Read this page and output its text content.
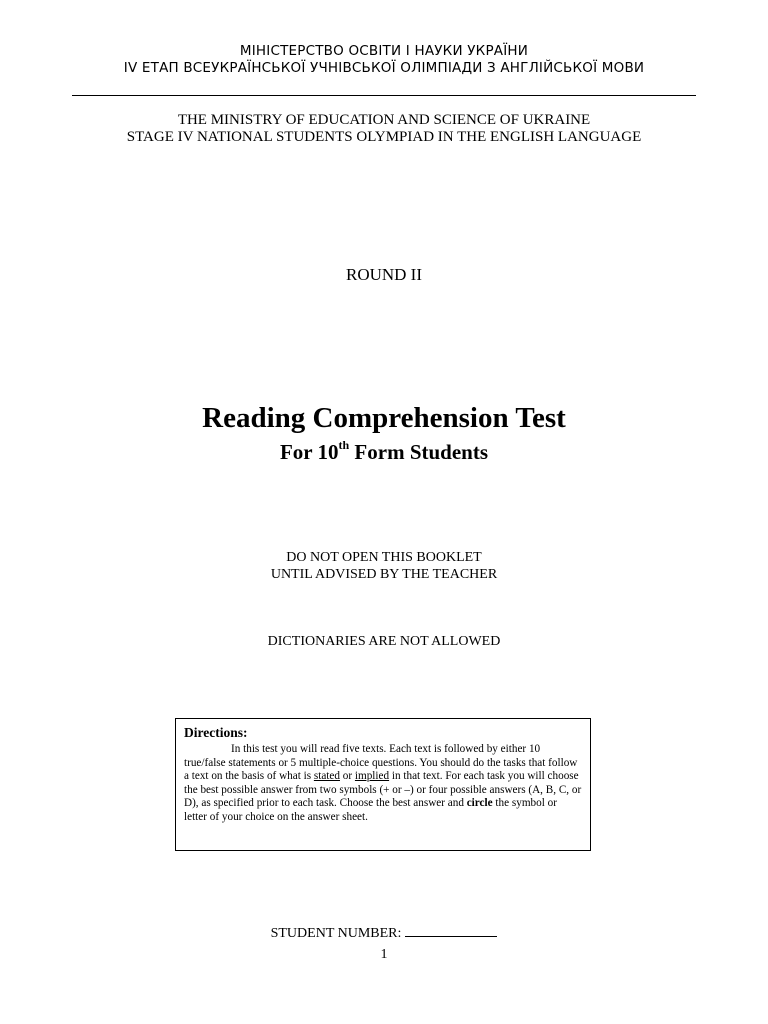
МІНІСТЕРСТВО ОСВІТИ І НАУКИ УКРАЇНИ
IV ЕТАП ВСЕУКРАЇНСЬКОЇ УЧНІВСЬКОЇ ОЛІМПІАДИ З АНГЛІЙСЬКОЇ МОВИ
THE MINISTRY OF EDUCATION AND SCIENCE OF UKRAINE
STAGE IV NATIONAL STUDENTS OLYMPIAD IN THE ENGLISH LANGUAGE
ROUND II
Reading Comprehension Test
For 10th Form Students
DO NOT OPEN THIS BOOKLET
UNTIL ADVISED BY THE TEACHER
DICTIONARIES ARE NOT ALLOWED

Directions:

In this test you will read five texts. Each text is followed by either 10 true/false statements or 5 multiple-choice questions. You should do the tasks that follow a text on the basis of what is stated or implied in that text. For each task you will choose the best possible answer from two symbols (+ or –) or four possible answers (A, B, C, or D), as specified prior to each task. Choose the best answer and circle the symbol or letter of your choice on the answer sheet.

STUDENT NUMBER:
1
